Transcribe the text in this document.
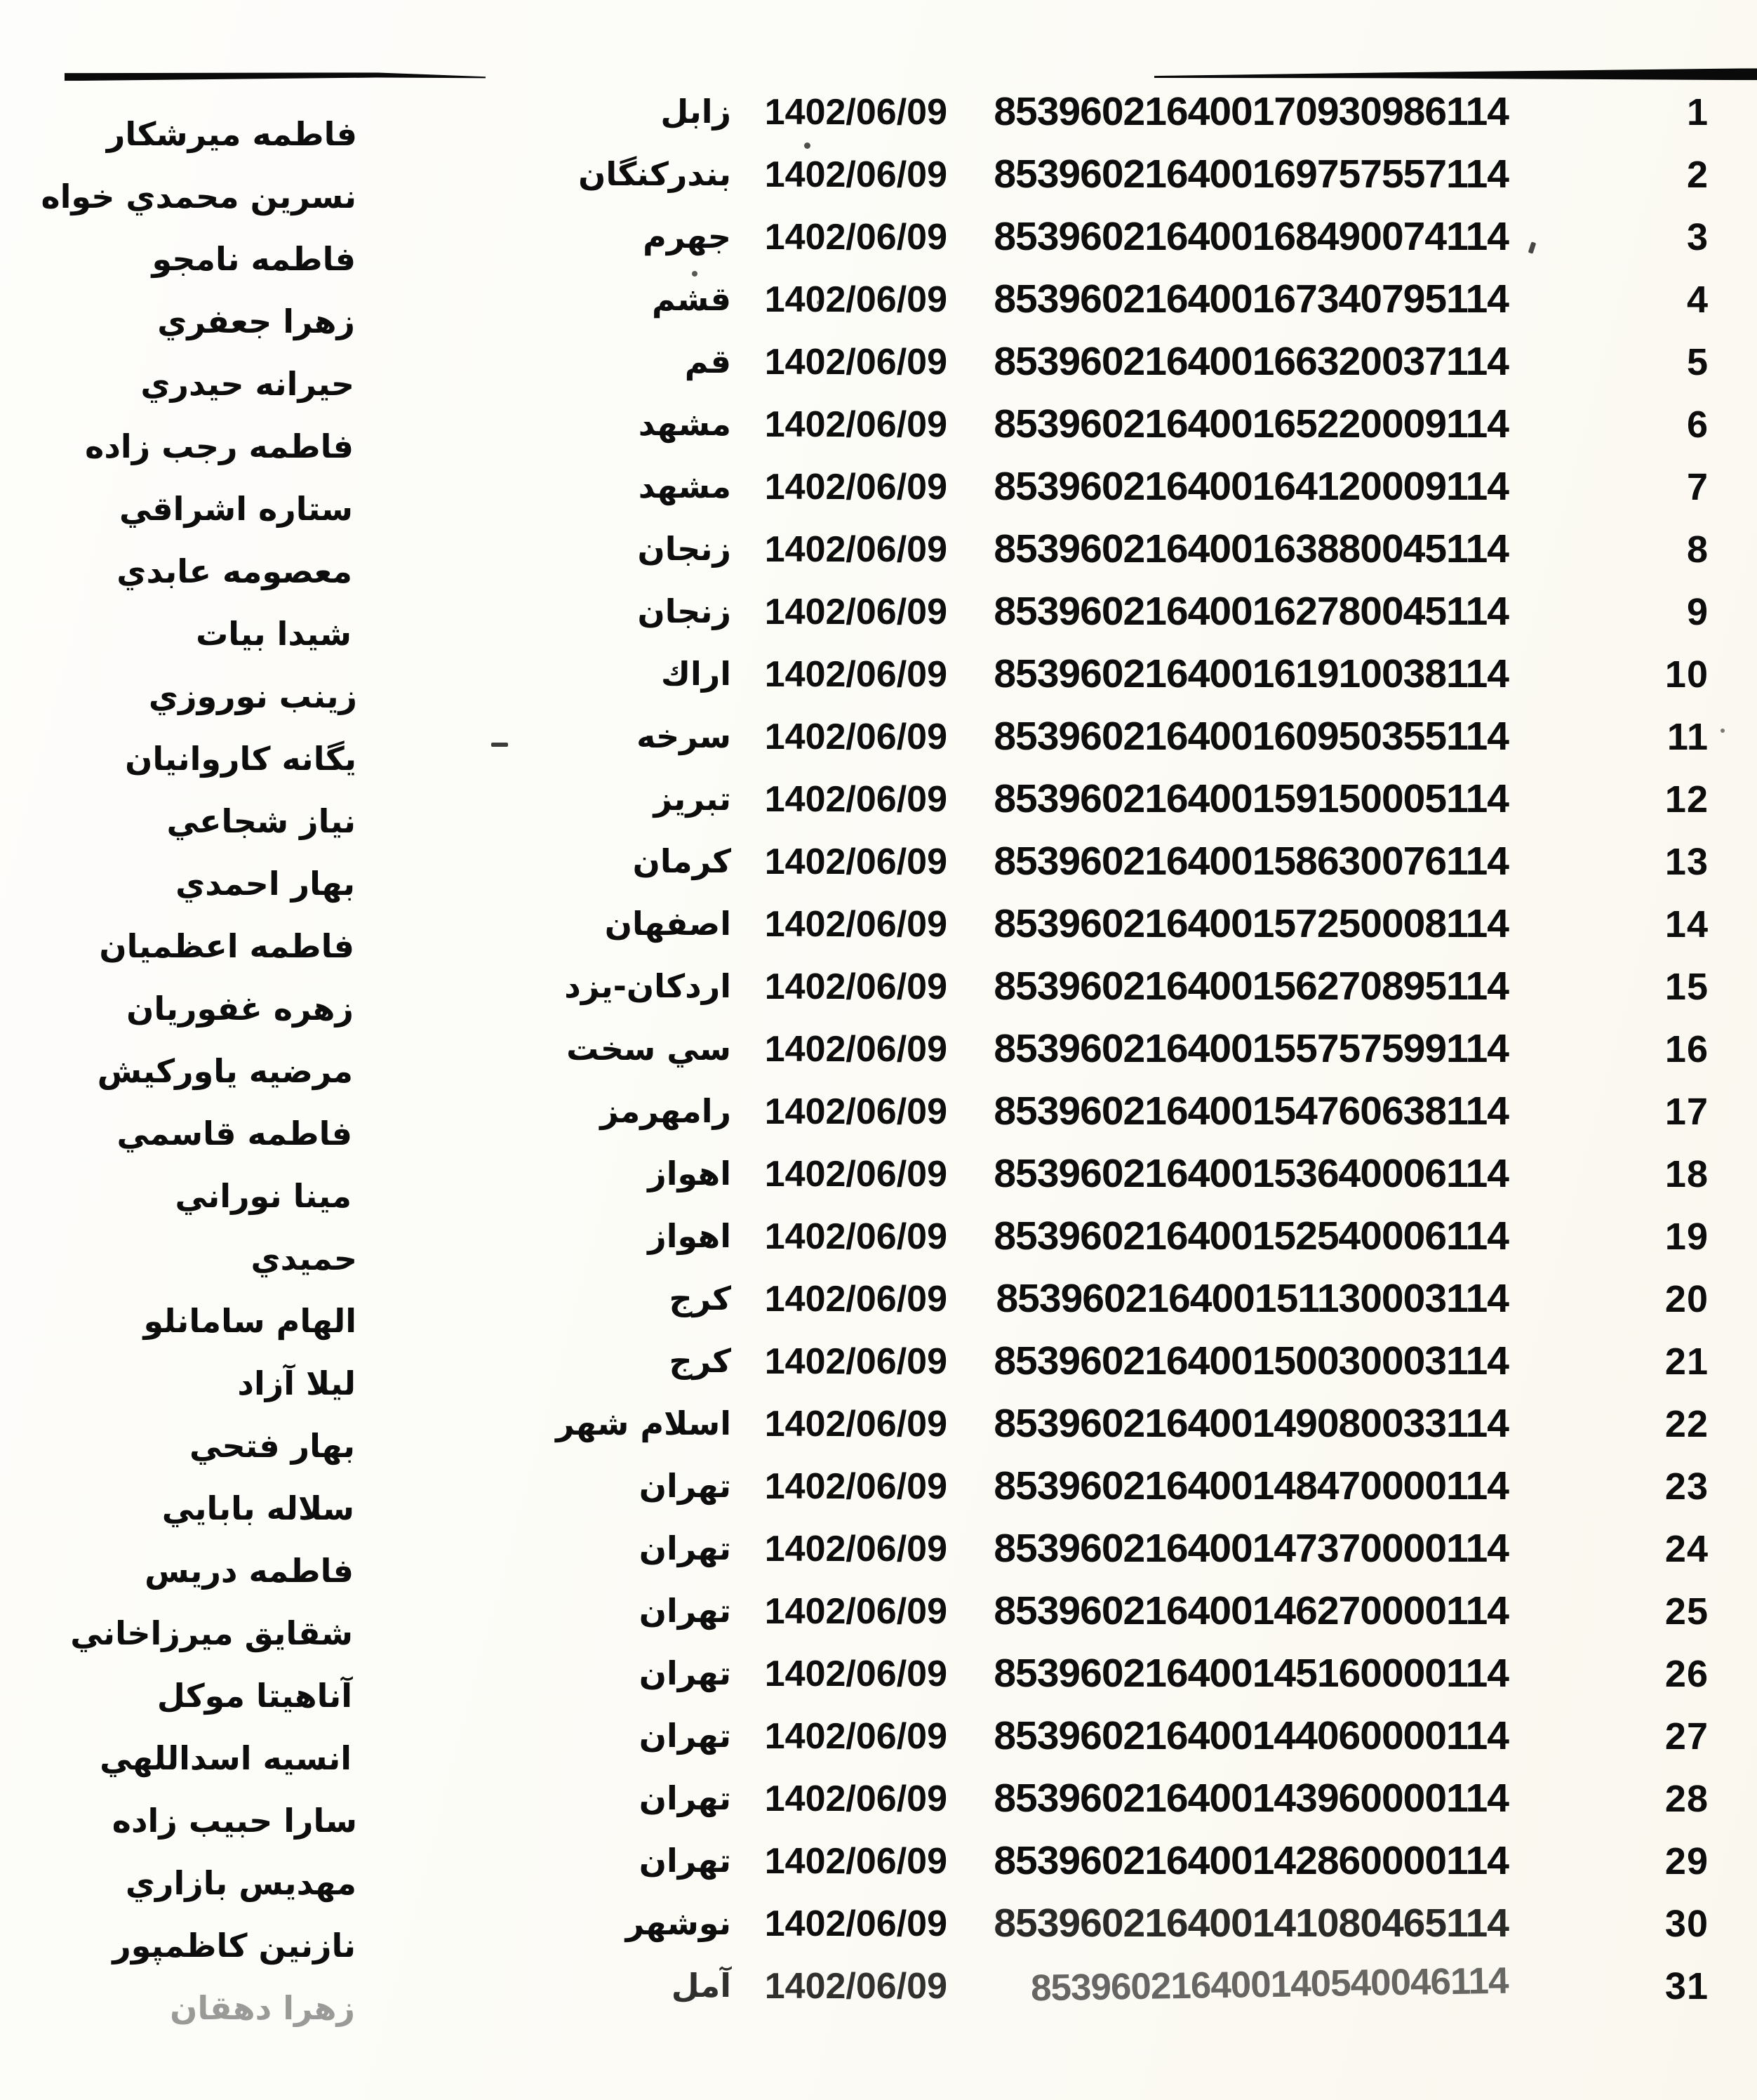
1
853960216400170930986114
1402/06/09
زابل
فاطمه ميرشكار
2
853960216400169757557114
1402/06/09
بندركنگان
نسرين محمدي خواه
3
853960216400168490074114
1402/06/09
جهرم
فاطمه نامجو
4
853960216400167340795114
1402/06/09
قشم
زهرا جعفري
5
853960216400166320037114
1402/06/09
قم
حيرانه حيدري
6
853960216400165220009114
1402/06/09
مشهد
فاطمه رجب زاده
7
853960216400164120009114
1402/06/09
مشهد
ستاره اشراقي
8
853960216400163880045114
1402/06/09
زنجان
معصومه عابدي
9
853960216400162780045114
1402/06/09
زنجان
شيدا بيات
10
853960216400161910038114
1402/06/09
اراك
زينب نوروزي
11
853960216400160950355114
1402/06/09
سرخه
يگانه كاروانيان
12
853960216400159150005114
1402/06/09
تبريز
نياز شجاعي
13
853960216400158630076114
1402/06/09
كرمان
بهار احمدي
14
853960216400157250008114
1402/06/09
اصفهان
فاطمه اعظميان
15
853960216400156270895114
1402/06/09
اردكان-يزد
زهره غفوريان
16
853960216400155757599114
1402/06/09
سي سخت
مرضيه ياوركيش
17
853960216400154760638114
1402/06/09
رامهرمز
فاطمه قاسمي
18
853960216400153640006114
1402/06/09
اهواز
مينا نوراني
19
853960216400152540006114
1402/06/09
اهواز
حميدي
20
853960216400151130003114
1402/06/09
كرج
الهام سامانلو
21
853960216400150030003114
1402/06/09
كرج
ليلا آزاد
22
853960216400149080033114
1402/06/09
اسلام شهر
بهار فتحي
23
853960216400148470000114
1402/06/09
تهران
سلاله بابايي
24
853960216400147370000114
1402/06/09
تهران
فاطمه دريس
25
853960216400146270000114
1402/06/09
تهران
شقايق ميرزاخاني
26
853960216400145160000114
1402/06/09
تهران
آناهيتا موكل
27
853960216400144060000114
1402/06/09
تهران
انسيه اسداللهي
28
853960216400143960000114
1402/06/09
تهران
سارا حبيب زاده
29
853960216400142860000114
1402/06/09
تهران
مهديس بازاري
30
853960216400141080465114
1402/06/09
نوشهر
نازنين كاظمپور
31
853960216400140540046114
1402/06/09
آمل
زهرا دهقان
